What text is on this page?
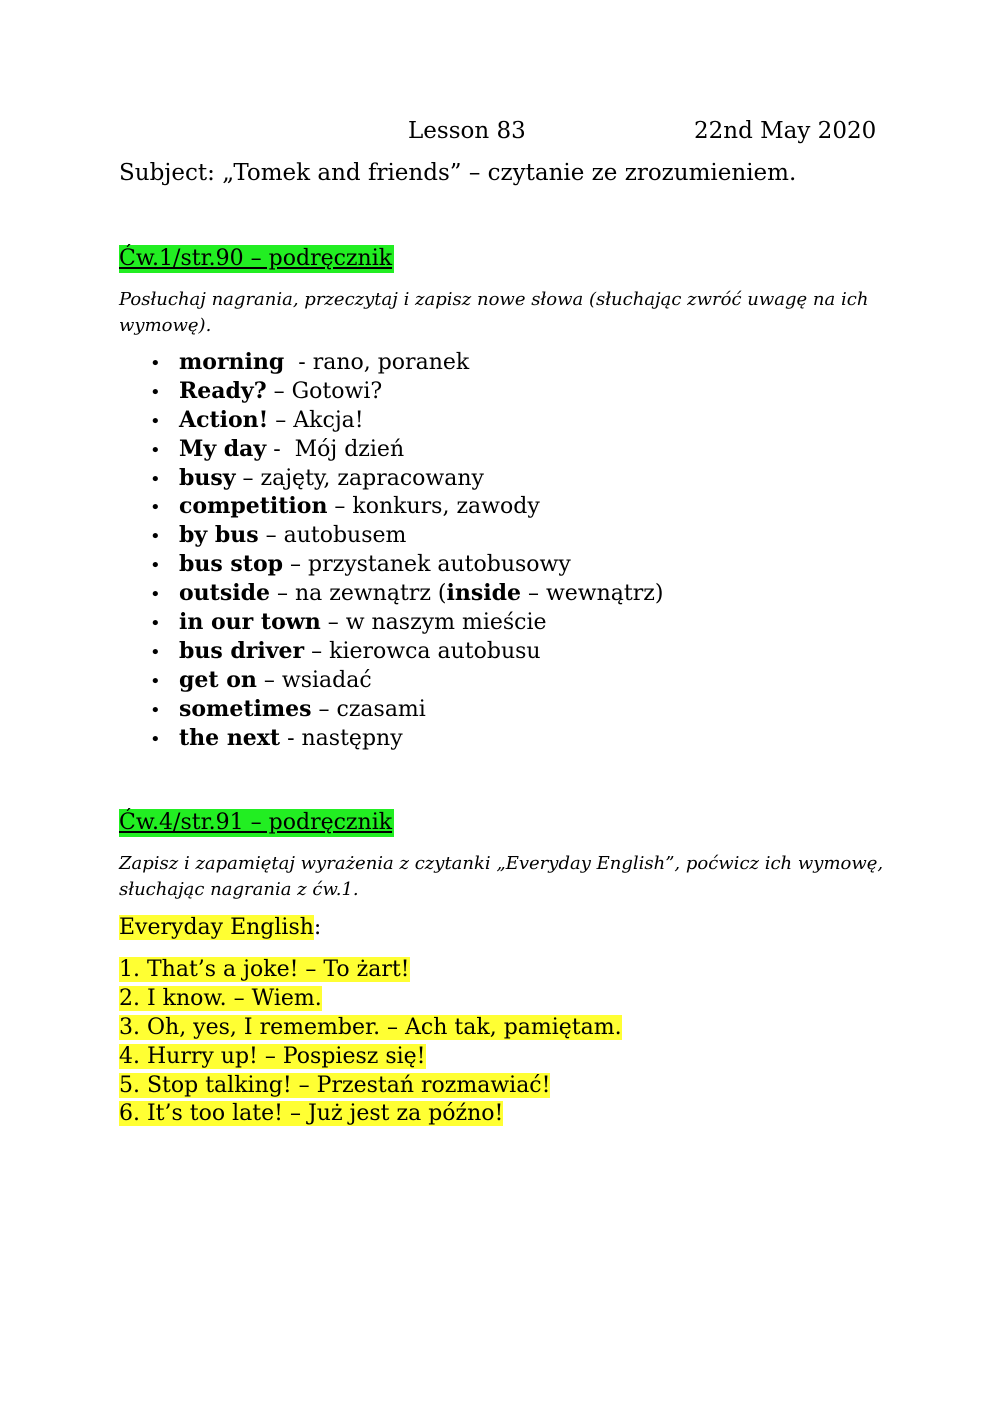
Lesson 83	22nd May 2020
Subject: „Tomek and friends” – czytanie ze zrozumieniem.
Ćw.1/str.90 – podręcznik
Posłuchaj nagrania, przeczytaj i zapisz nowe słowa (słuchając zwróć uwagę na ich wymowę).
• morning  - rano, poranek
• Ready? – Gotowi?
• Action! – Akcja!
• My day -  Mój dzień
• busy – zajęty, zapracowany
• competition – konkurs, zawody
• by bus – autobusem
• bus stop – przystanek autobusowy
• outside – na zewnątrz (inside – wewnątrz)
• in our town – w naszym mieście
• bus driver – kierowca autobusu
• get on – wsiadać
• sometimes – czasami
• the next - następny
Ćw.4/str.91 – podręcznik
Zapisz i zapamiętaj wyrażenia z czytanki „Everyday English”, poćwicz ich wymowę, słuchając nagrania z ćw.1.
Everyday English:
1. That’s a joke! – To żart!
2. I know. – Wiem.
3. Oh, yes, I remember. – Ach tak, pamiętam.
4. Hurry up! – Pospiesz się!
5. Stop talking! – Przestań rozmawiać!
6. It’s too late! – Już jest za późno!
